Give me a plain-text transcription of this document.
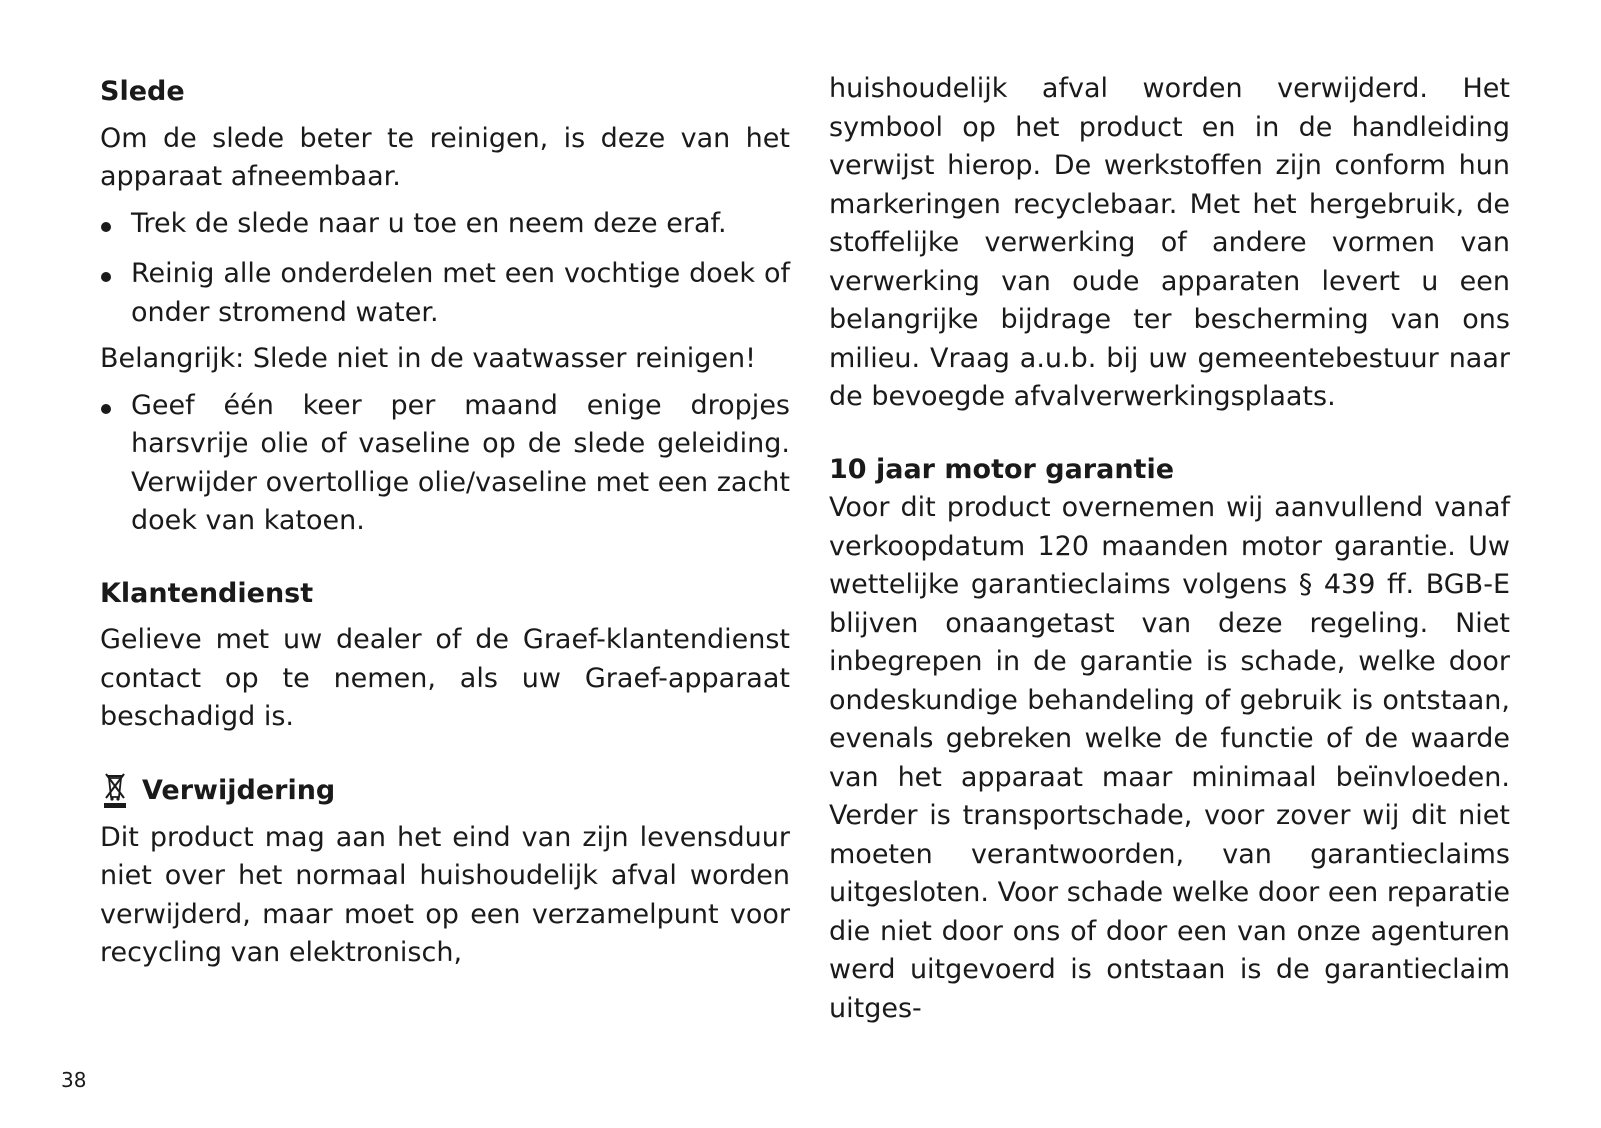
Slede

Om de slede beter te reinigen, is deze van het apparaat afneembaar.

Trek de slede naar u toe en neem deze eraf.
Reinig alle onderdelen met een vochtige doek of onder stromend water.

Belangrijk: Slede niet in de vaatwasser reinigen!

Geef één keer per maand enige dropjes harsvrije olie of vaseline op de slede geleiding. Verwijder overtollige olie/vaseline met een zacht doek van katoen.
Klantendienst

Gelieve met uw dealer of de Graef-klantendienst contact op te nemen, als uw Graef-apparaat beschadigd is.

Verwijdering

Dit product mag aan het eind van zijn levensduur niet over het normaal huishoudelijk afval worden verwijderd, maar moet op een verzamelpunt voor recycling van elektronisch,

huishoudelijk afval worden verwijderd. Het symbool op het product en in de handleiding verwijst hierop. De werkstoffen zijn conform hun markeringen recyclebaar. Met het hergebruik, de stoffelijke verwerking of andere vormen van verwerking van oude apparaten levert u een belangrijke bijdrage ter bescherming van ons milieu. Vraag a.u.b. bij uw gemeentebestuur naar de bevoegde afvalverwerkingsplaats.

10 jaar motor garantie

Voor dit product overnemen wij aanvullend vanaf verkoopdatum 120 maanden motor garantie. Uw wettelijke garantieclaims volgens § 439 ff. BGB-E blijven onaangetast van deze regeling. Niet inbegrepen in de garantie is schade, welke door ondeskundige behandeling of gebruik is ontstaan, evenals gebreken welke de functie of de waarde van het apparaat maar minimaal beïnvloeden. Verder is transportschade, voor zover wij dit niet moeten verantwoorden, van garantieclaims uitgesloten. Voor schade welke door een reparatie die niet door ons of door een van onze agenturen werd uitgevoerd is ontstaan is de garantieclaim uitges-

38
